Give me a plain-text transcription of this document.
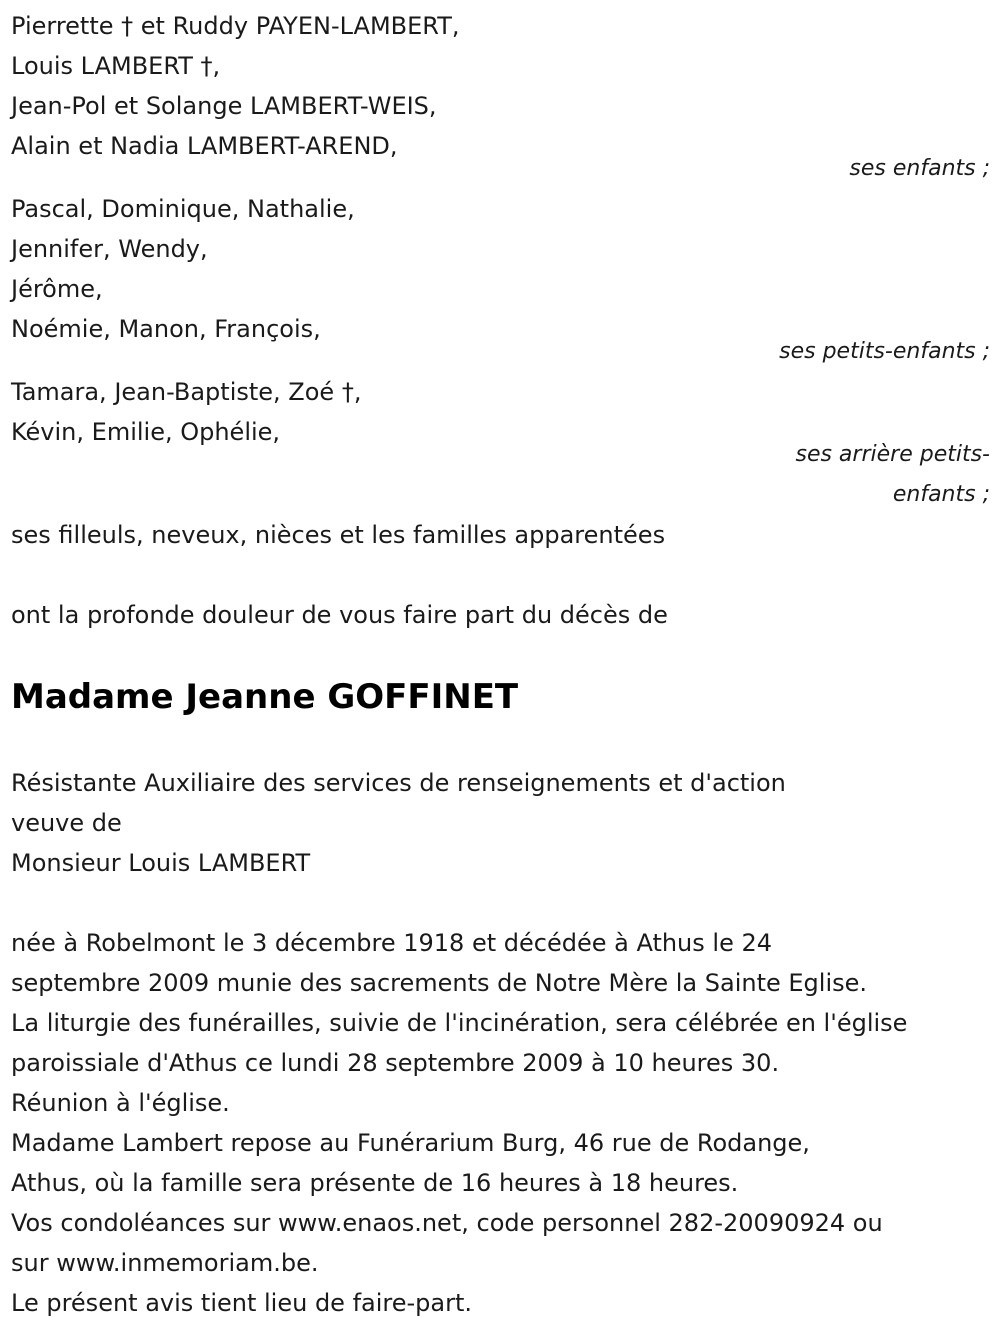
Pierrette † et Ruddy PAYEN-LAMBERT,
Louis LAMBERT †,
Jean-Pol et Solange LAMBERT-WEIS,
Alain et Nadia LAMBERT-AREND,
ses enfants ;
Pascal, Dominique, Nathalie,
Jennifer, Wendy,
Jérôme,
Noémie, Manon, François,
ses petits-enfants ;
Tamara, Jean-Baptiste, Zoé †,
Kévin, Emilie, Ophélie,
ses arrière petits-
enfants ;
ses filleuls, neveux, nièces et les familles apparentées
ont la profonde douleur de vous faire part du décès de
Madame Jeanne GOFFINET
Résistante Auxiliaire des services de renseignements et d'action
veuve de
Monsieur Louis LAMBERT
née à Robelmont le 3 décembre 1918 et décédée à Athus le 24
septembre 2009 munie des sacrements de Notre Mère la Sainte Eglise.
La liturgie des funérailles, suivie de l'incinération, sera célébrée en l'église
paroissiale d'Athus ce lundi 28 septembre 2009 à 10 heures 30.
Réunion à l'église.
Madame Lambert repose au Funérarium Burg, 46 rue de Rodange,
Athus, où la famille sera présente de 16 heures à 18 heures.
Vos condoléances sur www.enaos.net, code personnel 282-20090924 ou
sur www.inmemoriam.be.
Le présent avis tient lieu de faire-part.
